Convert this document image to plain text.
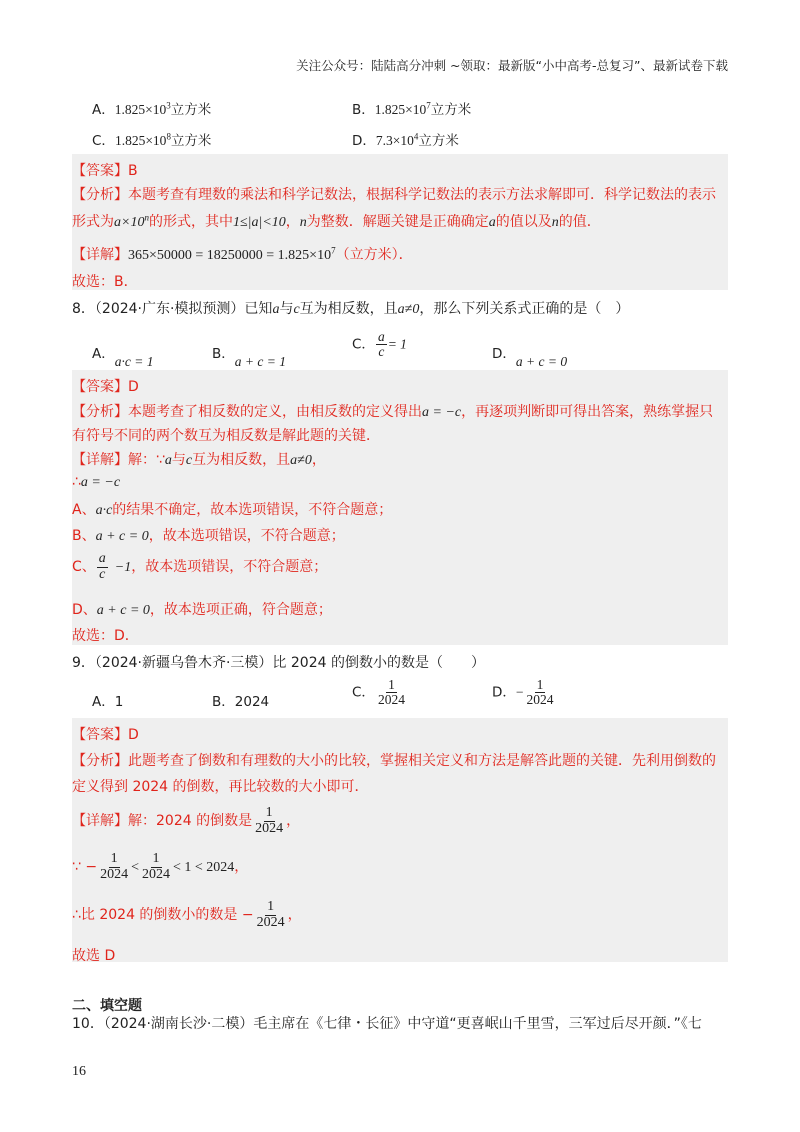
关注公众号：陆陆高分冲刺 ~领取：最新版“小中高考-总复习”、最新试卷下载
A．$1.825\times 10^3$立方米	B．$1.825\times 10^7$立方米
C．$1.825\times 10^8$立方米	D．$7.3\times 10^4$立方米
【答案】B
【分析】本题考查有理数的乘法和科学记数法，根据科学记数法的表示方法求解即可．科学记数法的表示
形式为$a\times 10^n$的形式，其中1≤|a|<10，n为整数．解题关键是正确确定a的值以及n的值．
【详解】$365\times 50000 = 18250000 = 1.825\times 10^7$（立方米）．
故选：B．
8．（2024·广东·模拟预测）已知a与c互为相反数，且a≠0，那么下列关系式正确的是（　）
A．a·c = 1	B．a + c = 1
C． $\frac{a}{c} = 1$
D．a + c = 0
【答案】D
【分析】本题考查了相反数的定义，由相反数的定义得出a = −c，再逐项判断即可得出答案，熟练掌握只
有符号不同的两个数互为相反数是解此题的关键．
【详解】解：∵a与c互为相反数，且a≠0，
∴a = −c
A、a·c的结果不确定，故本选项错误，不符合题意；
B、a + c = 0，故本选项错误，不符合题意；
C、 $\frac{a}{c} -1$，故本选项错误，不符合题意；
D、a + c = 0，故本选项正确，符合题意；
故选：D．
9．（2024·新疆乌鲁木齐·三模）比 2024 的倒数小的数是（　　）
A．1	B．2024
C． $\frac{1}{2024}$	D．− $\frac{1}{2024}$
【答案】D
【分析】此题考查了倒数和有理数的大小的比较，掌握相关定义和方法是解答此题的关键．先利用倒数的
定义得到 2024 的倒数，再比较数的大小即可．
【详解】解：2024 的倒数是 $\frac{1}{2024}$ ，
∵ − $\frac{1}{2024} < \frac{1}{2024} < 1 < 2024$，
∴比 2024 的倒数小的数是 − $\frac{1}{2024}$ ，
故选 D
二、填空题
10．（2024·湖南长沙·二模）毛主席在《七律・长征》中守道“更喜岷山千里雪，三军过后尽开颜．”《七
16
